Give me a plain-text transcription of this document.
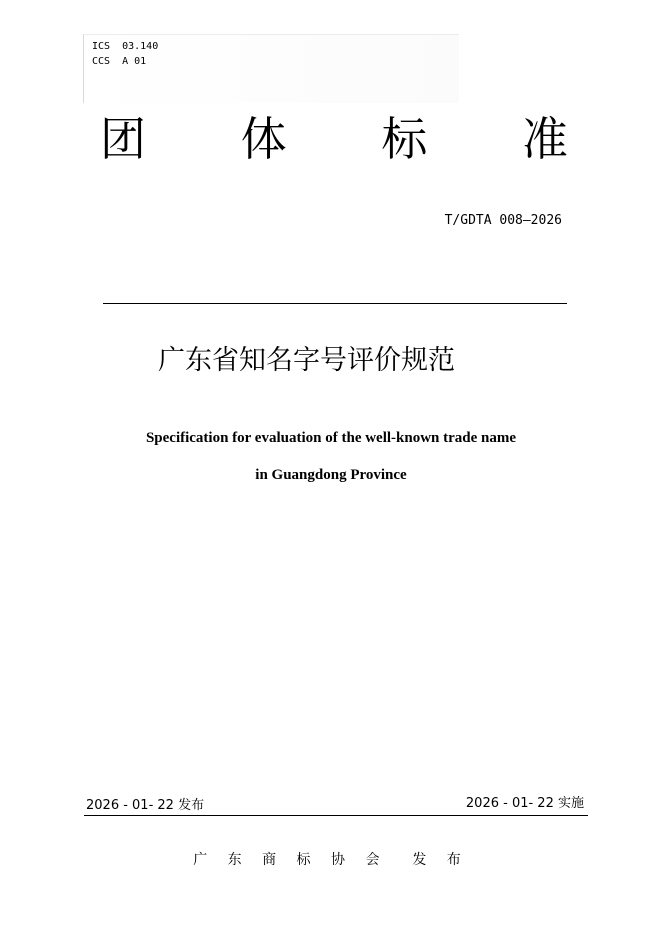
ICS  03.140
CCS  A 01
团 体 标 准
T/GDTA 008—2026
广东省知名字号评价规范
Specification for evaluation of the well-known trade name
in Guangdong Province
2026 - 01- 22 发布	2026 - 01- 22 实施
广 东 商 标 协 会  发 布
